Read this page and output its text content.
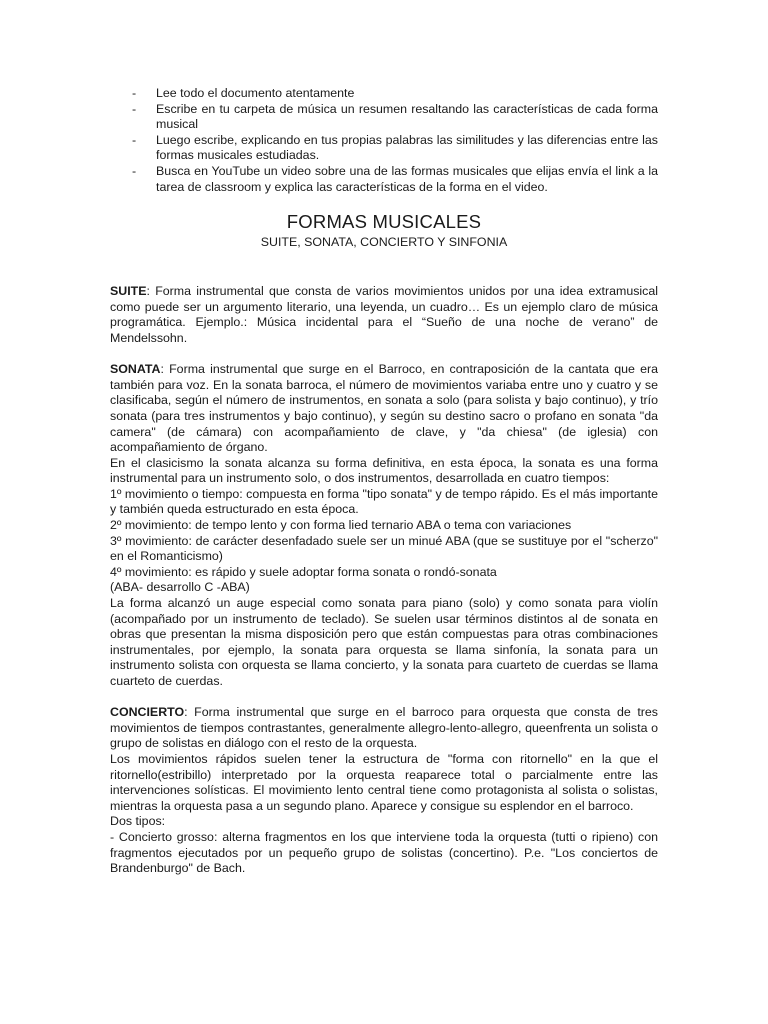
- Lee todo el documento atentamente
- Escribe en tu carpeta de música un resumen resaltando las características de cada forma musical
- Luego escribe, explicando en tus propias palabras las similitudes y las diferencias entre las formas musicales estudiadas.
- Busca en YouTube un video sobre una de las formas musicales que elijas envía el link a la tarea de classroom y explica las características de la forma en el video.
FORMAS MUSICALES
SUITE, SONATA, CONCIERTO Y SINFONIA

SUITE: Forma instrumental que consta de varios movimientos unidos por una idea extramusical como puede ser un argumento literario, una leyenda, un cuadro… Es un ejemplo claro de música programática. Ejemplo.: Música incidental para el “Sueño de una noche de verano” de Mendelssohn.

SONATA: Forma instrumental que surge en el Barroco, en contraposición de la cantata que era también para voz. En la sonata barroca, el número de movimientos variaba entre uno y cuatro y se clasificaba, según el número de instrumentos, en sonata a solo (para solista y bajo continuo), y trío sonata (para tres instrumentos y bajo continuo), y según su destino sacro o profano en sonata "da camera" (de cámara) con acompañamiento de clave, y "da chiesa" (de iglesia) con acompañamiento de órgano.

En el clasicismo la sonata alcanza su forma definitiva, en esta época, la sonata es una forma instrumental para un instrumento solo, o dos instrumentos, desarrollada en cuatro tiempos:

1º movimiento o tiempo: compuesta en forma "tipo sonata" y de tempo rápido. Es el más importante y también queda estructurado en esta época.

2º movimiento: de tempo lento y con forma lied ternario ABA o tema con variaciones

3º movimiento: de carácter desenfadado suele ser un minué ABA (que se sustituye por el "scherzo" en el Romanticismo)

4º movimiento: es rápido y suele adoptar forma sonata o rondó-sonata

(ABA- desarrollo C -ABA)

La forma alcanzó un auge especial como sonata para piano (solo) y como sonata para violín (acompañado por un instrumento de teclado). Se suelen usar términos distintos al de sonata en obras que presentan la misma disposición pero que están compuestas para otras combinaciones instrumentales, por ejemplo, la sonata para orquesta se llama sinfonía, la sonata para un instrumento solista con orquesta se llama concierto, y la sonata para cuarteto de cuerdas se llama cuarteto de cuerdas.

CONCIERTO: Forma instrumental que surge en el barroco para orquesta que consta de tres movimientos de tiempos contrastantes, generalmente allegro-lento-allegro, queenfrenta un solista o grupo de solistas en diálogo con el resto de la orquesta.

Los movimientos rápidos suelen tener la estructura de "forma con ritornello" en la que el ritornello(estribillo) interpretado por la orquesta reaparece total o parcialmente entre las intervenciones solísticas. El movimiento lento central tiene como protagonista al solista o solistas, mientras la orquesta pasa a un segundo plano. Aparece y consigue su esplendor en el barroco.

Dos tipos:

- Concierto grosso: alterna fragmentos en los que interviene toda la orquesta (tutti o ripieno) con fragmentos ejecutados por un pequeño grupo de solistas (concertino). P.e. "Los conciertos de Brandenburgo" de Bach.
